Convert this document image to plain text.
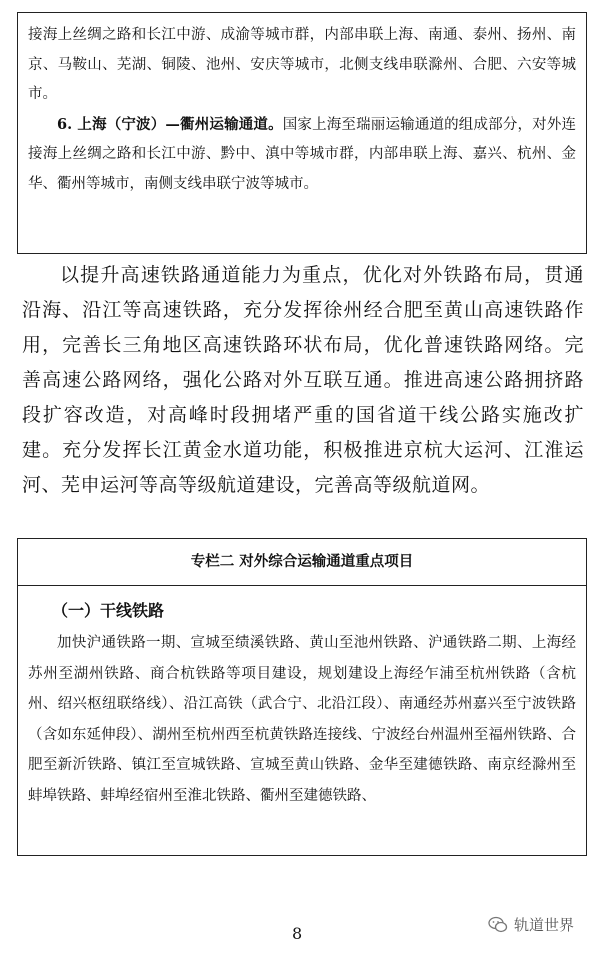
接海上丝绸之路和长江中游、成渝等城市群，内部串联上海、南通、泰州、扬州、南京、马鞍山、芜湖、铜陵、池州、安庆等城市，北侧支线串联滁州、合肥、六安等城市。

6. 上海（宁波）—衢州运输通道。国家上海至瑞丽运输通道的组成部分，对外连接海上丝绸之路和长江中游、黔中、滇中等城市群，内部串联上海、嘉兴、杭州、金华、衢州等城市，南侧支线串联宁波等城市。

以提升高速铁路通道能力为重点，优化对外铁路布局，贯通沿海、沿江等高速铁路，充分发挥徐州经合肥至黄山高速铁路作用，完善长三角地区高速铁路环状布局，优化普速铁路网络。完善高速公路网络，强化公路对外互联互通。推进高速公路拥挤路段扩容改造，对高峰时段拥堵严重的国省道干线公路实施改扩建。充分发挥长江黄金水道功能，积极推进京杭大运河、江淮运河、芜申运河等高等级航道建设，完善高等级航道网。

专栏二 对外综合运输通道重点项目
（一）干线铁路

加快沪通铁路一期、宣城至绩溪铁路、黄山至池州铁路、沪通铁路二期、上海经苏州至湖州铁路、商合杭铁路等项目建设，规划建设上海经乍浦至杭州铁路（含杭州、绍兴枢纽联络线）、沿江高铁（武合宁、北沿江段）、南通经苏州嘉兴至宁波铁路（含如东延伸段）、湖州至杭州西至杭黄铁路连接线、宁波经台州温州至福州铁路、合肥至新沂铁路、镇江至宣城铁路、宣城至黄山铁路、金华至建德铁路、南京经滁州至蚌埠铁路、蚌埠经宿州至淮北铁路、衢州至建德铁路、

8	轨道世界
